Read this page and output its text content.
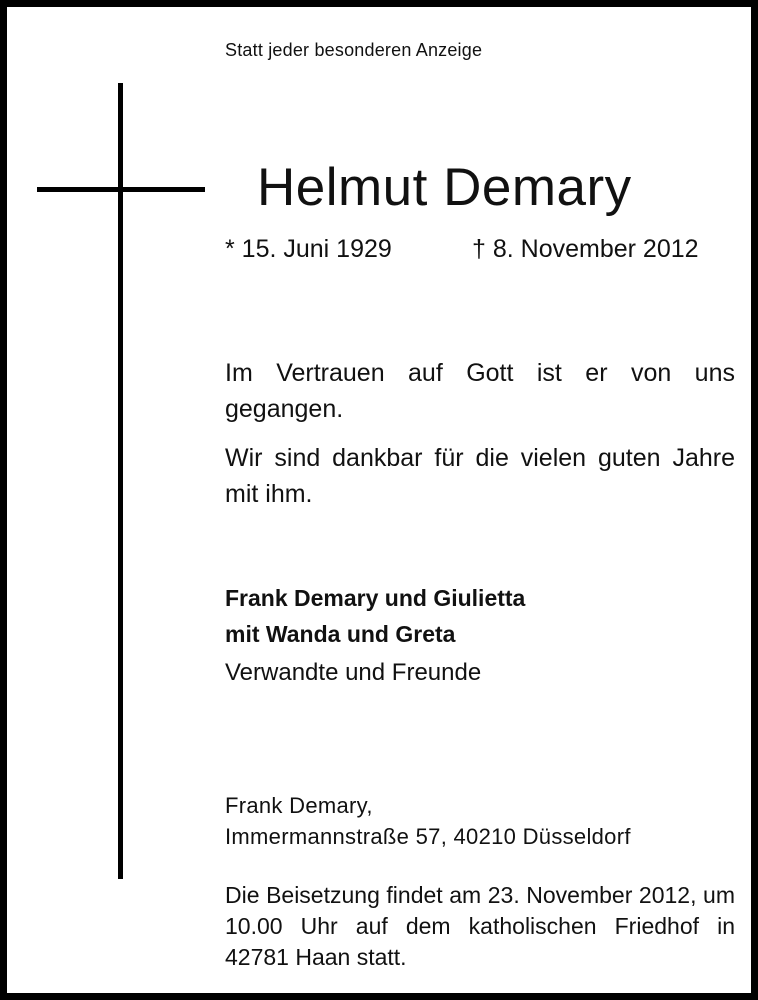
Statt jeder besonderen Anzeige
Helmut Demary
* 15. Juni 1929	† 8. November 2012
Im Vertrauen auf Gott ist er von uns gegangen.
Wir sind dankbar für die vielen guten Jahre mit ihm.
Frank Demary und Giulietta
mit Wanda und Greta
Verwandte und Freunde
Frank Demary,
Immermannstraße 57, 40210 Düsseldorf
Die Beisetzung findet am 23. November 2012, um 10.00 Uhr auf dem katholischen Friedhof in 42781 Haan statt.
